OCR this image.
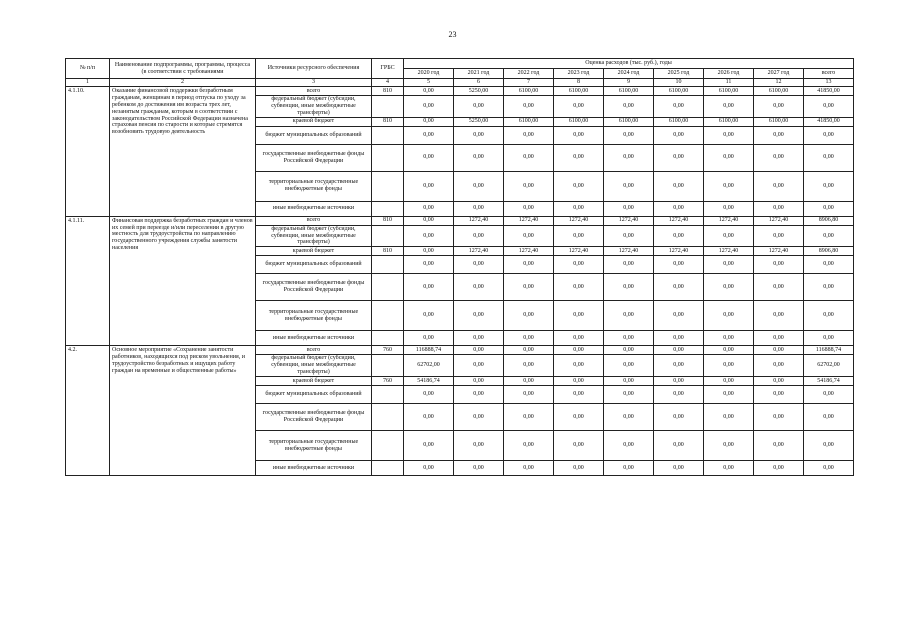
23
№ п/п	Наименование подпрограммы, программы, процесса (в соответствии с требованиями	Источники ресурсного обеспечения	ГРБС	Оценка расходов (тыс. руб.), годы								
				2020 год	2021 год	2022 год	2023 год	2024 год	2025 год	2026 год	2027 год	всего
1	2	3	4	5	6	7	8	9	10	11	12	13
4.1.10.	Оказание финансовой поддержки безработным гражданам, женщинам в период отпуска по уходу за ребенком до достижения им возраста трех лет, незанятым гражданам, которым в соответствии с законодательством Российской Федерации назначена страховая пенсия по старости и которые стремятся возобновить трудовую деятельность	всего	810	0,00	5250,00	6100,00	6100,00	6100,00	6100,00	6100,00	6100,00	41850,00
		федеральный бюджет (субсидии, субвенции, иные межбюджетные трансферты)		0,00	0,00	0,00	0,00	0,00	0,00	0,00	0,00	0,00
		краевой бюджет	810	0,00	5250,00	6100,00	6100,00	6100,00	6100,00	6100,00	6100,00	41850,00
		бюджет муниципальных образований		0,00	0,00	0,00	0,00	0,00	0,00	0,00	0,00	0,00
		государственные внебюджетные фонды Российской Федерации		0,00	0,00	0,00	0,00	0,00	0,00	0,00	0,00	0,00
		территориальные государственные внебюджетные фонды		0,00	0,00	0,00	0,00	0,00	0,00	0,00	0,00	0,00
		иные внебюджетные источники		0,00	0,00	0,00	0,00	0,00	0,00	0,00	0,00	0,00
4.1.11.	Финансовая поддержка безработных граждан и членов их семей при переезде и/или переселении в другую местность для трудоустройства по направлению государственного учреждения службы занятости населения	всего	810	0,00	1272,40	1272,40	1272,40	1272,40	1272,40	1272,40	1272,40	8906,80
		федеральный бюджет (субсидии, субвенции, иные межбюджетные трансферты)		0,00	0,00	0,00	0,00	0,00	0,00	0,00	0,00	0,00
		краевой бюджет	810	0,00	1272,40	1272,40	1272,40	1272,40	1272,40	1272,40	1272,40	8906,80
		бюджет муниципальных образований		0,00	0,00	0,00	0,00	0,00	0,00	0,00	0,00	0,00
		государственные внебюджетные фонды Российской Федерации		0,00	0,00	0,00	0,00	0,00	0,00	0,00	0,00	0,00
		территориальные государственные внебюджетные фонды		0,00	0,00	0,00	0,00	0,00	0,00	0,00	0,00	0,00
		иные внебюджетные источники		0,00	0,00	0,00	0,00	0,00	0,00	0,00	0,00	0,00
4.2.	Основное мероприятие «Сохранение занятости работников, находящихся под риском увольнения, и трудоустройство безработных и ищущих работу граждан на временные и общественные работы»	всего	760	116888,74	0,00	0,00	0,00	0,00	0,00	0,00	0,00	116888,74
		федеральный бюджет (субсидии, субвенции, иные межбюджетные трансферты)		62702,00	0,00	0,00	0,00	0,00	0,00	0,00	0,00	62702,00
		краевой бюджет	760	54186,74	0,00	0,00	0,00	0,00	0,00	0,00	0,00	54186,74
		бюджет муниципальных образований		0,00	0,00	0,00	0,00	0,00	0,00	0,00	0,00	0,00
		государственные внебюджетные фонды Российской Федерации		0,00	0,00	0,00	0,00	0,00	0,00	0,00	0,00	0,00
		территориальные государственные внебюджетные фонды		0,00	0,00	0,00	0,00	0,00	0,00	0,00	0,00	0,00
		иные внебюджетные источники		0,00	0,00	0,00	0,00	0,00	0,00	0,00	0,00	0,00
